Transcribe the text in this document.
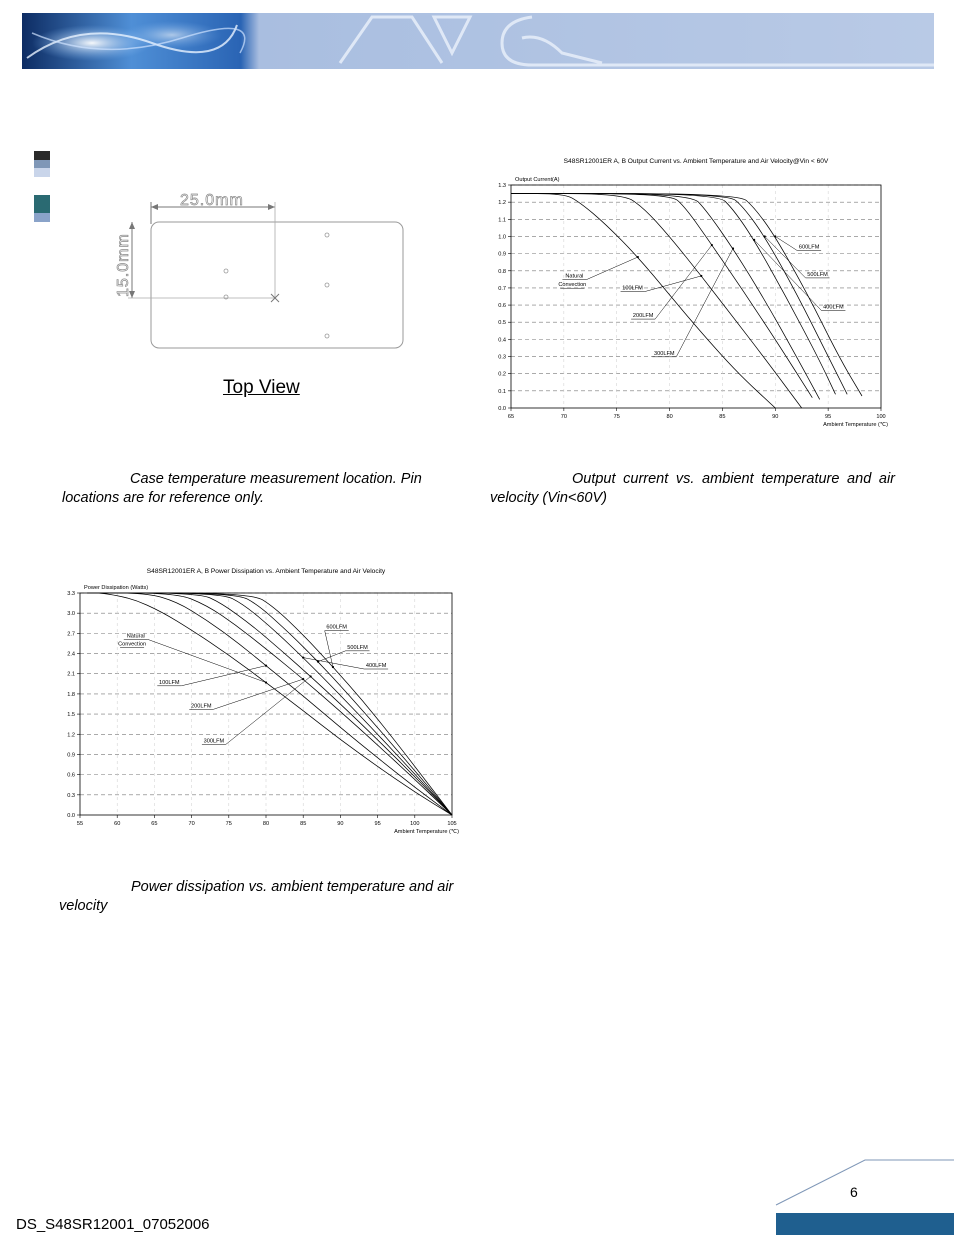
25.0mm
15.0mm
Top View
Case temperature measurement location. Pin locations are for reference only.
Output current vs. ambient temperature and air
velocity (Vin<60V)
Power dissipation vs. ambient temperature and air
velocity
S48SR12001ER A, B Output Current vs. Ambient Temperature and Air Velocity@Vin < 60V
Output Current(A)
0.0
0.1
0.2
0.3
0.4
0.5
0.6
0.7
0.8
0.9
1.0
1.1
1.2
1.3
65	70	75	80	85	90	95	100
Ambient Temperature (℃)
600LFM
500LFM
400LFM
Natural
Convection
100LFM
200LFM
300LFM
S48SR12001ER A, B Power Dissipation vs. Ambient Temperature and Air Velocity
Power Dissipation (Watts)
0.0
0.3
0.6
0.9
1.2
1.5
1.8
2.1
2.4
2.7
3.0
3.3
55	60	65	70	75	80	85	90	95	100	105
Ambient Temperature (℃)
600LFM
500LFM
400LFM
Natural
Convection
100LFM
200LFM
300LFM
6
DS_S48SR12001_07052006
